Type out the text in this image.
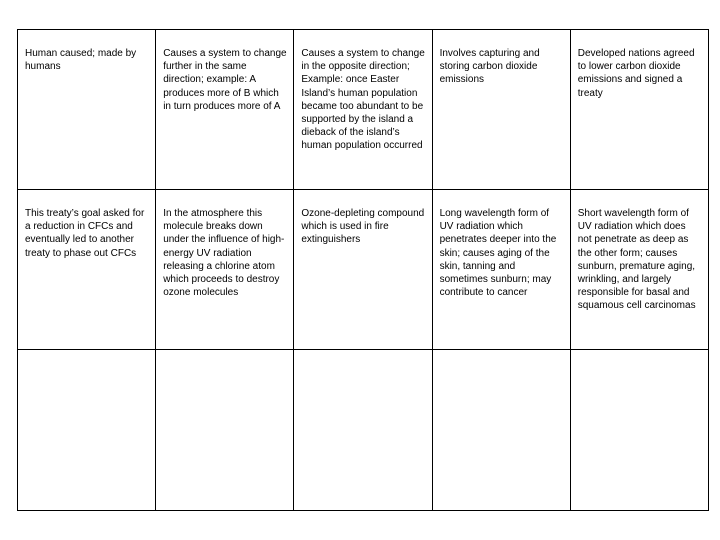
Human caused; made by humans	Causes a system to change further in the same direction; example: A produces more of B which in turn produces more of A	Causes a system to change in the opposite direction; Example: once Easter Island’s human population became too abundant to be supported by the island a dieback of the island’s human population occurred	Involves capturing and storing carbon dioxide emissions	Developed nations agreed to lower carbon dioxide emissions and signed a treaty
This treaty’s goal asked for a reduction in CFCs and eventually led to another treaty to phase out CFCs	In the atmosphere this molecule breaks down under the influence of high-energy UV radiation releasing a chlorine atom which proceeds to destroy ozone molecules	Ozone-depleting compound which is used in fire extinguishers	Long wavelength form of UV radiation which penetrates deeper into the skin; causes aging of the skin, tanning and sometimes sunburn; may contribute to cancer	Short wavelength form of UV radiation which does not penetrate as deep as the other form; causes sunburn, premature aging, wrinkling, and largely responsible for basal and squamous cell carcinomas
